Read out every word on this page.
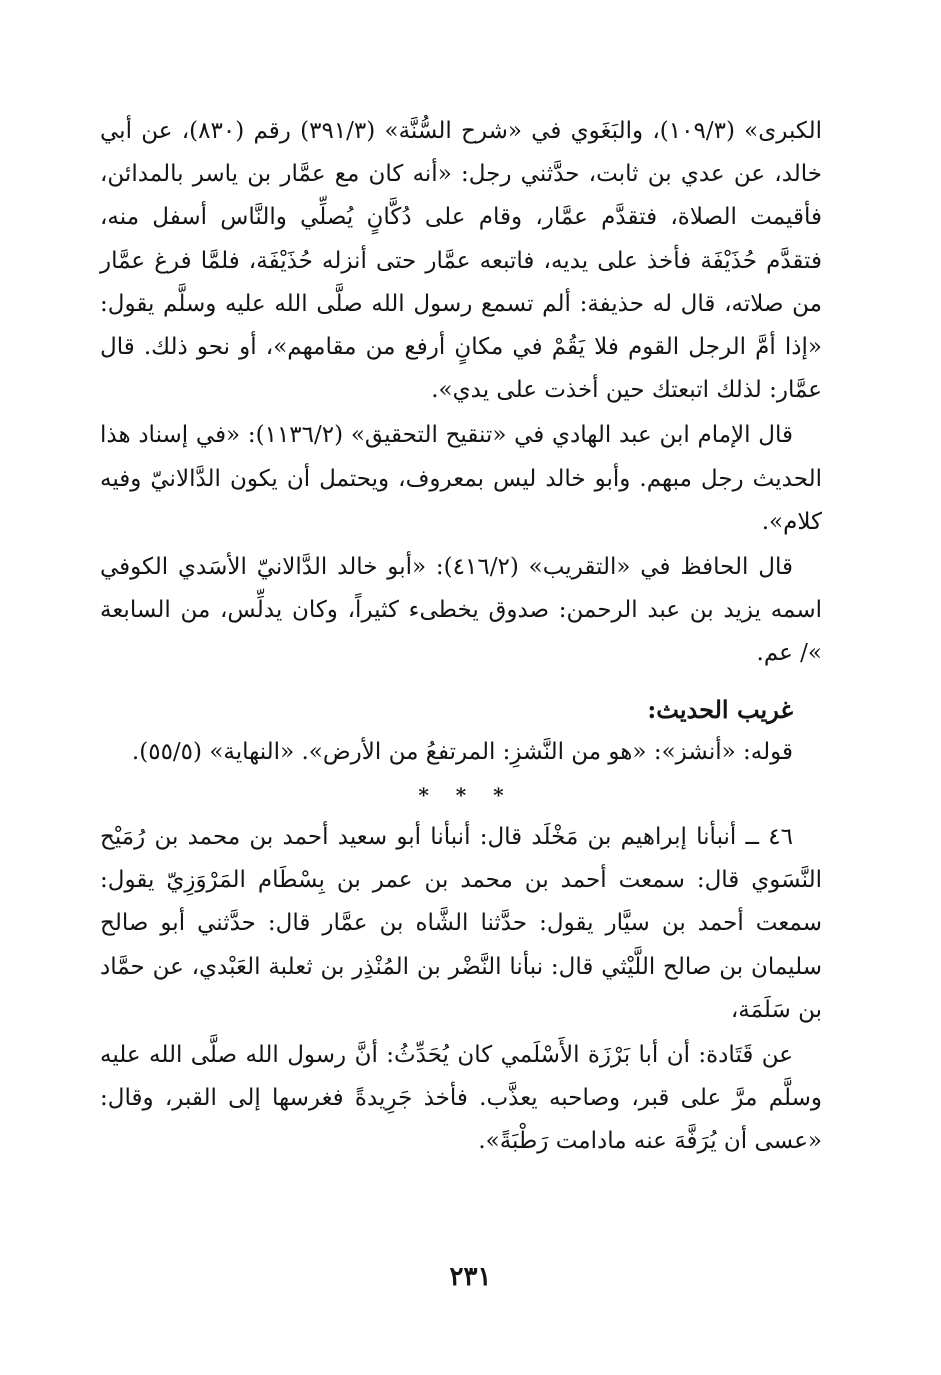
الكبرى» (١٠٩/٣)، والبَغَوي في «شرح السُّنَّة» (٣٩١/٣) رقم (٨٣٠)، عن أبي خالد، عن عدي بن ثابت، حدَّثني رجل: «أنه كان مع عمَّار بن ياسر بالمدائن، فأقيمت الصلاة، فتقدَّم عمَّار، وقام على دُكَّانٍ يُصلِّي والنَّاس أسفل منه، فتقدَّم حُذَيْفَة فأخذ على يديه، فاتبعه عمَّار حتى أنزله حُذَيْفَة، فلمَّا فرغ عمَّار من صلاته، قال له حذيفة: ألم تسمع رسول الله صلَّى الله عليه وسلَّم يقول: «إذا أمَّ الرجل القوم فلا يَقُمْ في مكانٍ أرفع من مقامهم»، أو نحو ذلك. قال عمَّار: لذلك اتبعتك حين أخذت على يدي».

قال الإمام ابن عبد الهادي في «تنقيح التحقيق» (١١٣٦/٢): «في إسناد هذا الحديث رجل مبهم. وأبو خالد ليس بمعروف، ويحتمل أن يكون الدَّالانيّ وفيه كلام».

قال الحافظ في «التقريب» (٤١٦/٢): «أبو خالد الدَّالانيّ الأسَدي الكوفي اسمه يزيد بن عبد الرحمن: صدوق يخطىء كثيراً، وكان يدلِّس، من السابعة »/ عم.

غريب الحديث:

قوله: «أنشز»: «هو من النَّشزِ: المرتفعُ من الأرض». «النهاية» (٥٥/٥).

* * *

٤٦ ــ أنبأنا إبراهيم بن مَخْلَد قال: أنبأنا أبو سعيد أحمد بن محمد بن رُمَيْح النَّسَوي قال: سمعت أحمد بن محمد بن عمر بن بِسْطَام المَرْوَزِيّ يقول: سمعت أحمد بن سيَّار يقول: حدَّثنا الشَّاه بن عمَّار قال: حدَّثني أبو صالح سليمان بن صالح اللَّيْثي قال: نبأنا النَّضْر بن المُنْذِر بن ثعلبة العَبْدي، عن حمَّاد بن سَلَمَة،

عن قَتَادة: أن أبا بَرْزَة الأَسْلَمي كان يُحَدِّثُ: أنَّ رسول الله صلَّى الله عليه وسلَّم مرَّ على قبر، وصاحبه يعذَّب. فأخذ جَرِيدةً فغرسها إلى القبر، وقال: «عسى أن يُرَفَّهَ عنه مادامت رَطْبَةً».

٢٣١
